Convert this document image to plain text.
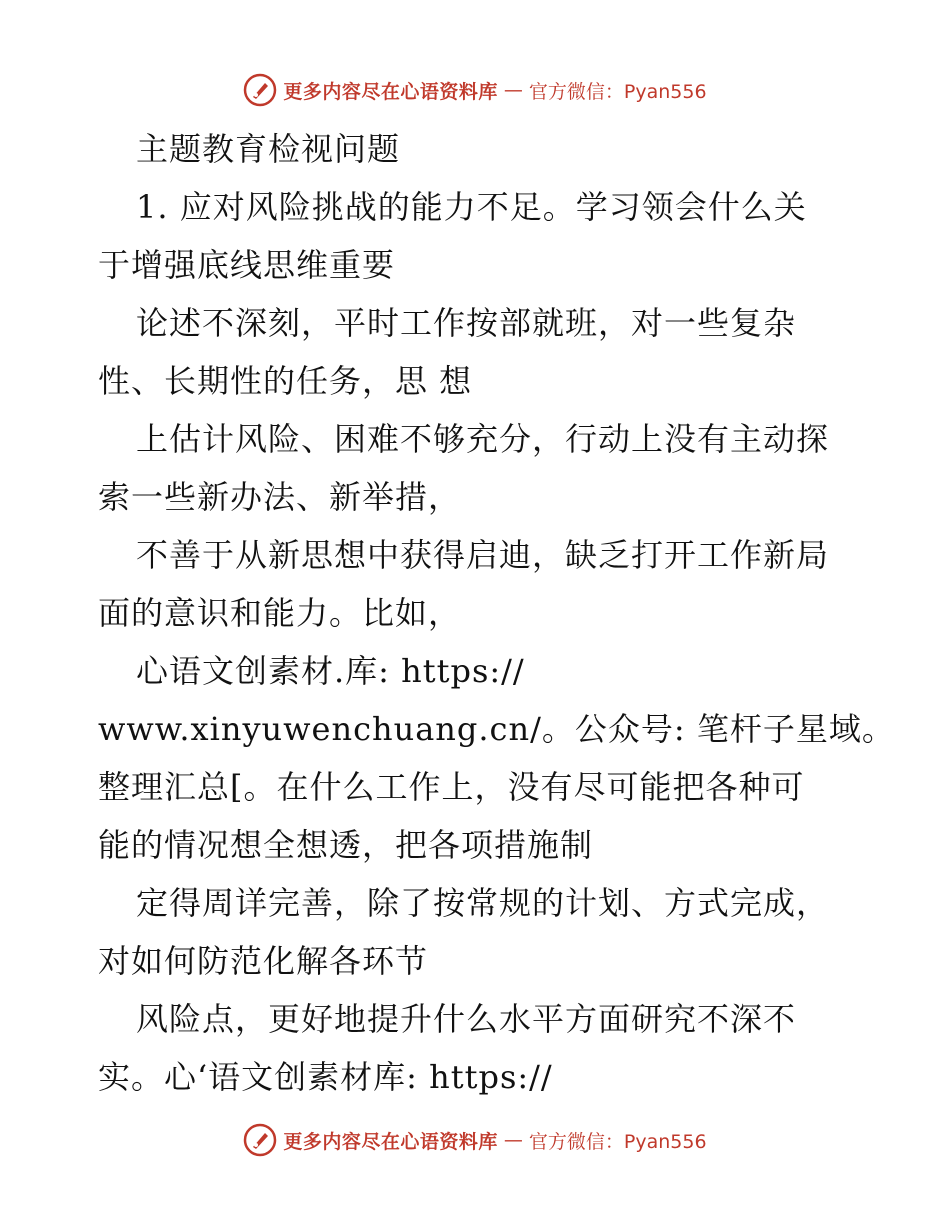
更多内容尽在心语资料库 — 官方微信：Pyan556
主题教育检视问题
1. 应对风险挑战的能力不足。学习领会什么关
于增强底线思维重要
论述不深刻，平时工作按部就班，对一些复杂
性、长期性的任务，思 想
上估计风险、困难不够充分，行动上没有主动探
索一些新办法、新举措，
不善于从新思想中获得启迪，缺乏打开工作新局
面的意识和能力。比如，
心语文创素材.库: https://
www.xinyuwenchuang.cn/。公众号: 笔杆子星域。
整理汇总[。在什么工作上，没有尽可能把各种可
能的情况想全想透，把各项措施制
定得周详完善，除了按常规的计划、方式完成，
对如何防范化解各环节
风险点，更好地提升什么水平方面研究不深不
实。心‘语文创素材库: https://
更多内容尽在心语资料库 — 官方微信：Pyan556
